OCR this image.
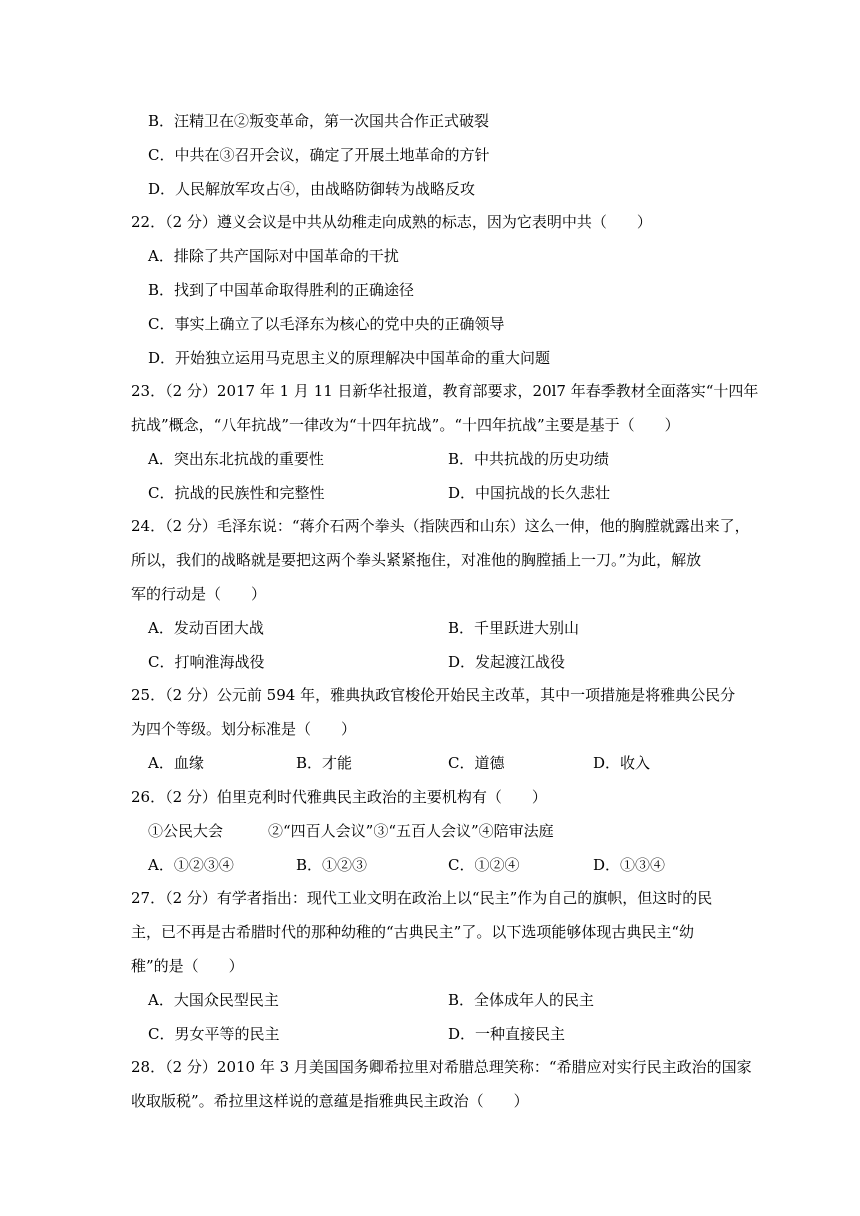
B．汪精卫在②叛变革命，第一次国共合作正式破裂
C．中共在③召开会议，确定了开展土地革命的方针
D．人民解放军攻占④，由战略防御转为战略反攻
22．（2 分）遵义会议是中共从幼稚走向成熟的标志，因为它表明中共（　　）
A．排除了共产国际对中国革命的干扰
B．找到了中国革命取得胜利的正确途径
C．事实上确立了以毛泽东为核心的党中央的正确领导
D．开始独立运用马克思主义的原理解决中国革命的重大问题
23．（2 分）2017 年 1 月 11 日新华社报道，教育部要求，20l7 年春季教材全面落实“十四年
抗战”概念，“八年抗战”一律改为“十四年抗战”。“十四年抗战”主要是基于（　　）
A．突出东北抗战的重要性	B．中共抗战的历史功绩
C．抗战的民族性和完整性	D．中国抗战的长久悲壮
24．（2 分）毛泽东说：“蒋介石两个拳头（指陕西和山东）这么一伸，他的胸膛就露出来了，
所以，我们的战略就是要把这两个拳头紧紧拖住，对准他的胸膛插上一刀。”为此，解放
军的行动是（　　）
A．发动百团大战	B．千里跃进大别山
C．打响淮海战役	D．发起渡江战役
25．（2 分）公元前 594 年，雅典执政官梭伦开始民主改革，其中一项措施是将雅典公民分
为四个等级。划分标准是（　　）
A．血缘	B．才能	C．道德	D．收入
26．（2 分）伯里克利时代雅典民主政治的主要机构有（　　）
①公民大会　　　②“四百人会议”③“五百人会议”④陪审法庭
A．①②③④	B．①②③	C．①②④	D．①③④
27．（2 分）有学者指出：现代工业文明在政治上以“民主”作为自己的旗帜，但这时的民
主，已不再是古希腊时代的那种幼稚的“古典民主”了。以下选项能够体现古典民主“幼
稚”的是（　　）
A．大国众民型民主	B．全体成年人的民主
C．男女平等的民主	D．一种直接民主
28．（2 分）2010 年 3 月美国国务卿希拉里对希腊总理笑称：“希腊应对实行民主政治的国家
收取版税”。希拉里这样说的意蕴是指雅典民主政治（　　）
